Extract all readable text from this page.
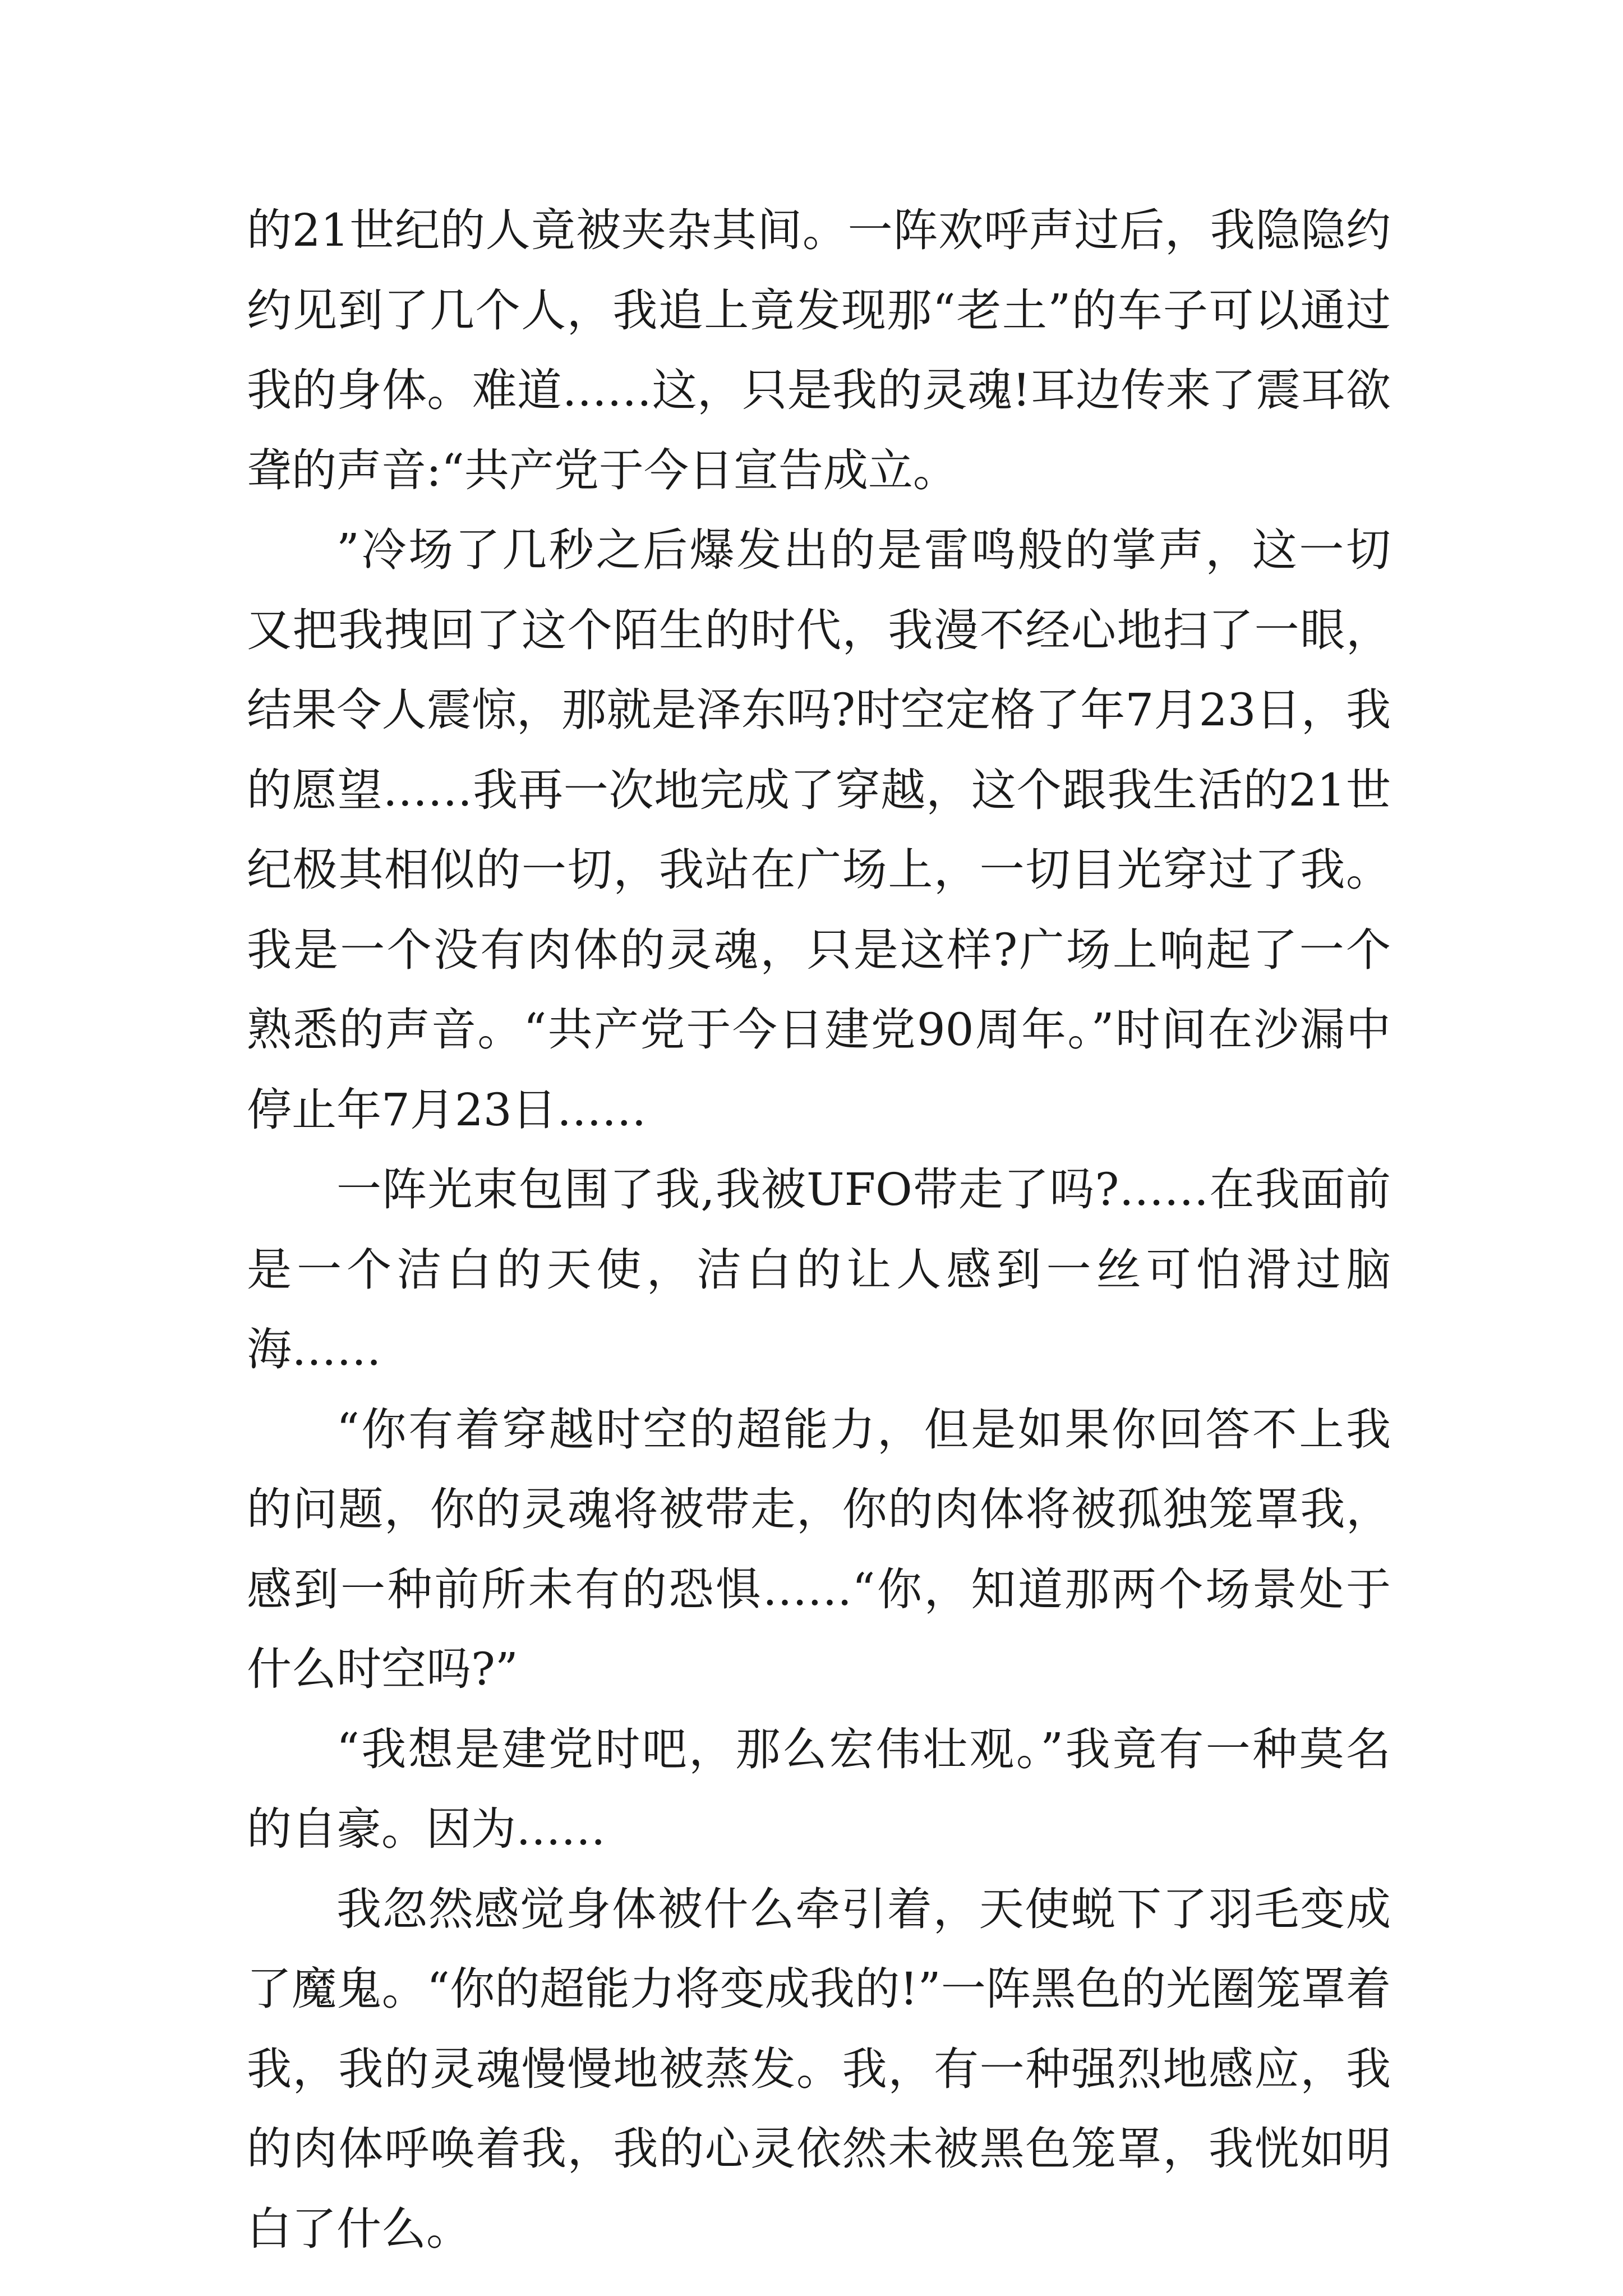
的21世纪的人竟被夹杂其间。一阵欢呼声过后，我隐隐约约见到了几个人，我追上竟发现那“老土”的车子可以通过我的身体。难道……这，只是我的灵魂!耳边传来了震耳欲聋的声音:“共产党于今日宣告成立。

”冷场了几秒之后爆发出的是雷鸣般的掌声，这一切又把我拽回了这个陌生的时代，我漫不经心地扫了一眼，结果令人震惊，那就是泽东吗?时空定格了年7月23日，我的愿望……我再一次地完成了穿越，这个跟我生活的21世纪极其相似的一切，我站在广场上，一切目光穿过了我。我是一个没有肉体的灵魂，只是这样?广场上响起了一个熟悉的声音。“共产党于今日建党90周年。”时间在沙漏中停止年7月23日……

一阵光束包围了我,我被UFO带走了吗?……在我面前是一个洁白的天使，洁白的让人感到一丝可怕滑过脑海……

“你有着穿越时空的超能力，但是如果你回答不上我的问题，你的灵魂将被带走，你的肉体将被孤独笼罩我，感到一种前所未有的恐惧……“你，知道那两个场景处于什么时空吗?”

“我想是建党时吧，那么宏伟壮观。”我竟有一种莫名的自豪。因为……

我忽然感觉身体被什么牵引着，天使蜕下了羽毛变成了魔鬼。“你的超能力将变成我的!”一阵黑色的光圈笼罩着我，我的灵魂慢慢地被蒸发。我，有一种强烈地感应，我的肉体呼唤着我，我的心灵依然未被黑色笼罩，我恍如明白了什么。
